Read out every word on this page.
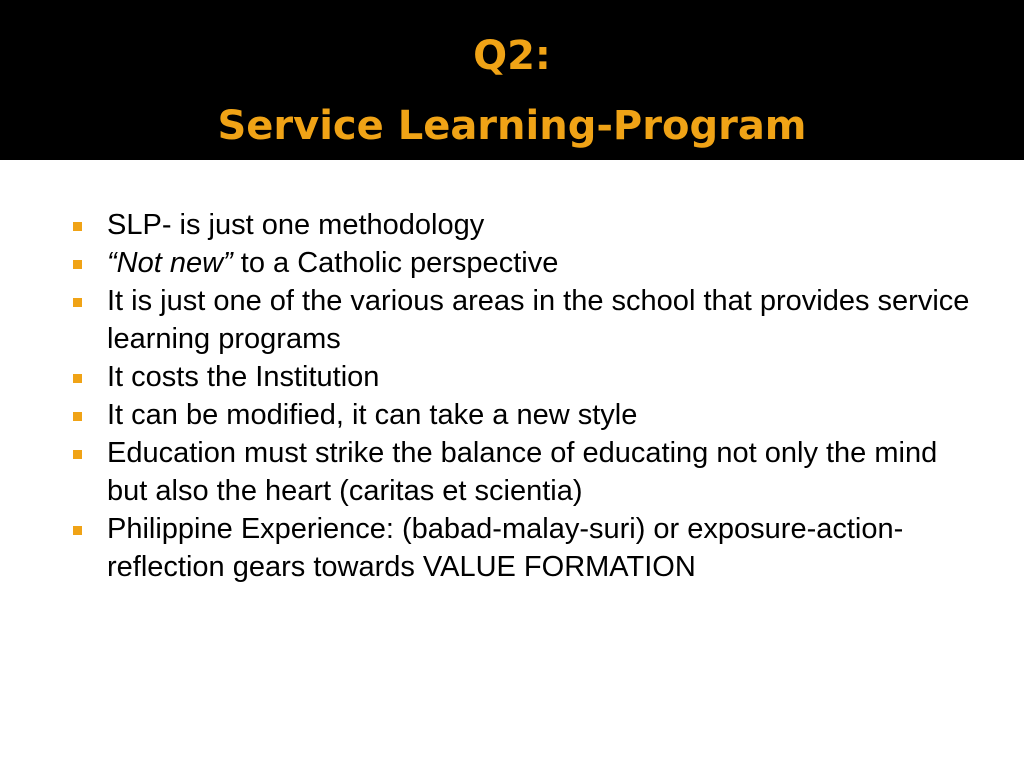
Q2:
Service Learning-Program
SLP- is just one methodology
“Not new” to a Catholic perspective
It is just one of the various areas in the school that provides service learning programs
It costs the Institution
It can be modified, it can take a new style
Education must strike the balance of educating not only the mind but also the heart (caritas et scientia)
Philippine Experience: (babad-malay-suri) or exposure-action-reflection gears towards VALUE FORMATION
